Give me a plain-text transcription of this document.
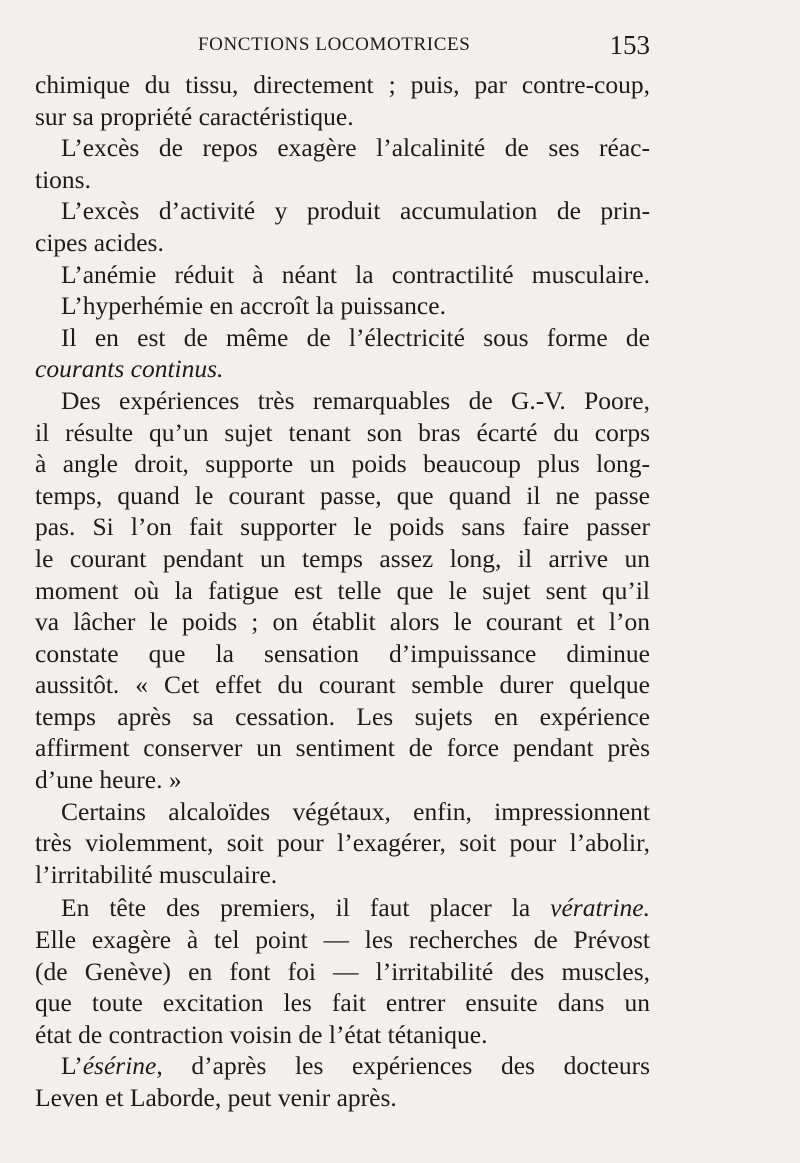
FONCTIONS LOCOMOTRICES	153
chimique du tissu, directement ; puis, par contre-coup,
sur sa propriété caractéristique.
L’excès de repos exagère l’alcalinité de ses réac-
tions.
L’excès d’activité y produit accumulation de prin-
cipes acides.
L’anémie réduit à néant la contractilité musculaire.
L’hyperhémie en accroît la puissance.
Il en est de même de l’électricité sous forme de
courants continus.
Des expériences très remarquables de G.-V. Poore,
il résulte qu’un sujet tenant son bras écarté du corps
à angle droit, supporte un poids beaucoup plus long-
temps, quand le courant passe, que quand il ne passe
pas. Si l’on fait supporter le poids sans faire passer
le courant pendant un temps assez long, il arrive un
moment où la fatigue est telle que le sujet sent qu’il
va lâcher le poids ; on établit alors le courant et l’on
constate que la sensation d’impuissance diminue
aussitôt. « Cet effet du courant semble durer quelque
temps après sa cessation. Les sujets en expérience
affirment conserver un sentiment de force pendant près
d’une heure. »
Certains alcaloïdes végétaux, enfin, impressionnent
très violemment, soit pour l’exagérer, soit pour l’abolir,
l’irritabilité musculaire.
En tête des premiers, il faut placer la vératrine.
Elle exagère à tel point — les recherches de Prévost
(de Genève) en font foi — l’irritabilité des muscles,
que toute excitation les fait entrer ensuite dans un
état de contraction voisin de l’état tétanique.
L’ésérine, d’après les expériences des docteurs
Leven et Laborde, peut venir après.
